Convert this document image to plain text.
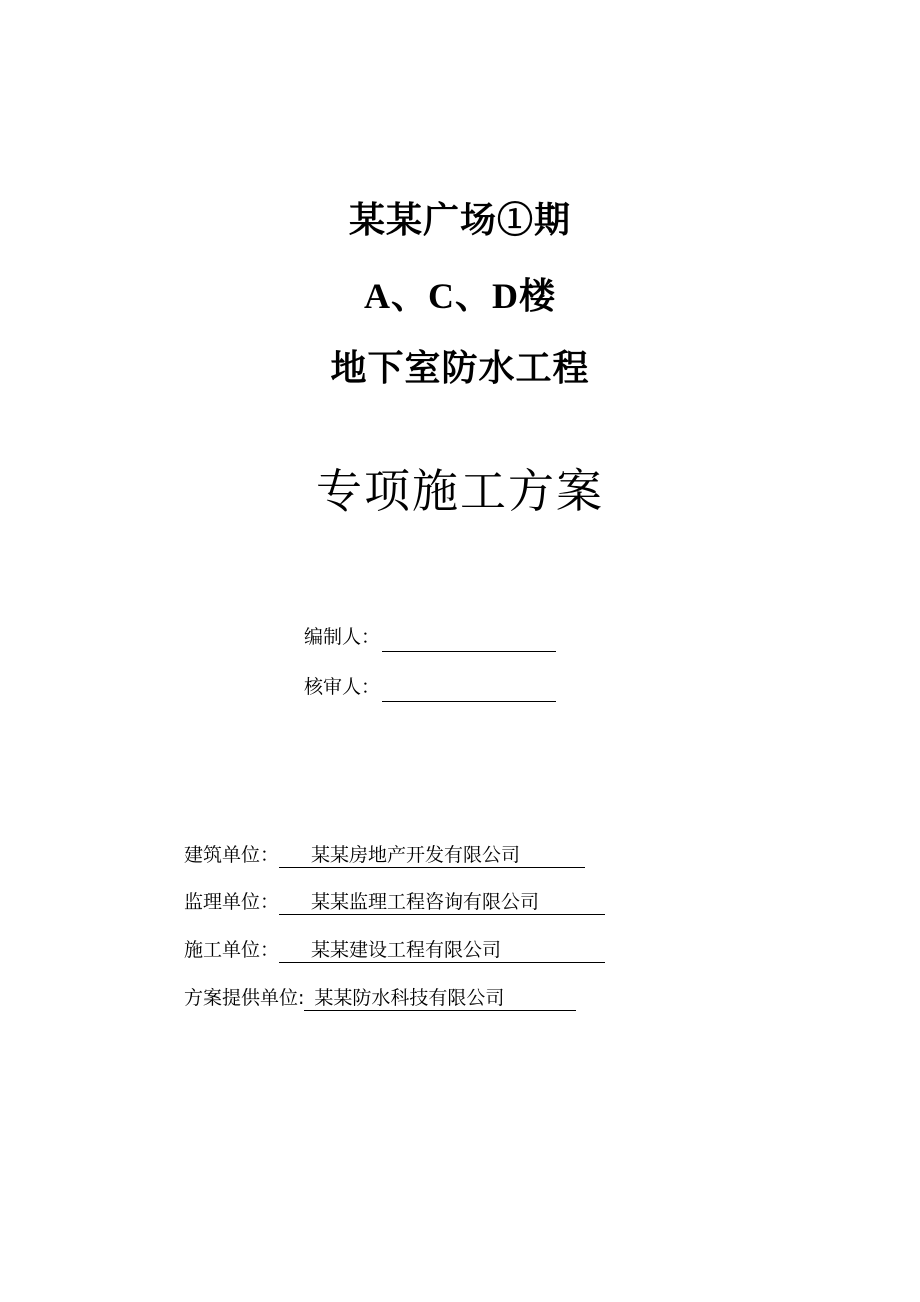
某某广场①期
A、C、D楼
地下室防水工程
专项施工方案
编制人：
核审人：
建筑单位： 某某房地产开发有限公司
监理单位： 某某监理工程咨询有限公司
施工单位： 某某建设工程有限公司
方案提供单位: 某某防水科技有限公司
